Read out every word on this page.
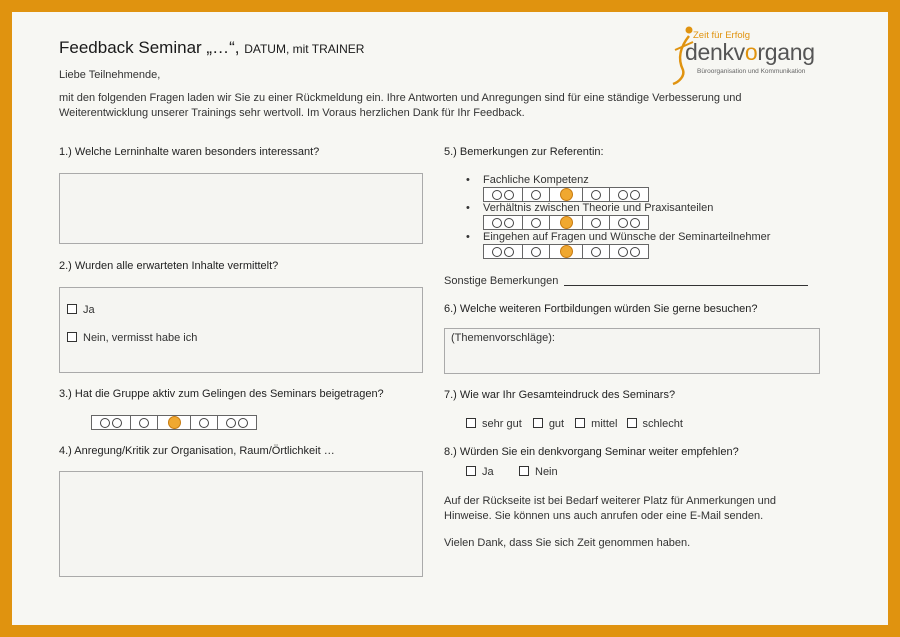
Feedback Seminar „…“, DATUM, mit TRAINER
Zeit für Erfolg
denkvorgang
Büroorganisation und Kommunikation
Liebe Teilnehmende,
mit den folgenden Fragen laden wir Sie zu einer Rückmeldung ein. Ihre Antworten und Anregungen sind für eine ständige Verbesserung und Weiterentwicklung unserer Trainings sehr wertvoll. Im Voraus herzlichen Dank für Ihr Feedback.
1.) Welche Lerninhalte waren besonders interessant?
2.) Wurden alle erwarteten Inhalte vermittelt?
Ja
Nein, vermisst habe ich
3.) Hat die Gruppe aktiv zum Gelingen des Seminars beigetragen?
4.) Anregung/Kritik zur Organisation, Raum/Örtlichkeit …
5.) Bemerkungen zur Referentin:
• Fachliche Kompetenz
• Verhältnis zwischen Theorie und Praxisanteilen
• Eingehen auf Fragen und Wünsche der Seminarteilnehmer
Sonstige Bemerkungen
6.) Welche weiteren Fortbildungen würden Sie gerne besuchen?
(Themenvorschläge):
7.) Wie war Ihr Gesamteindruck des Seminars?
sehr gut gut mittel schlecht
8.) Würden Sie ein denkvorgang Seminar weiter empfehlen?
Ja	Nein
Auf der Rückseite ist bei Bedarf weiterer Platz für Anmerkungen und Hinweise. Sie können uns auch anrufen oder eine E-Mail senden.
Vielen Dank, dass Sie sich Zeit genommen haben.
